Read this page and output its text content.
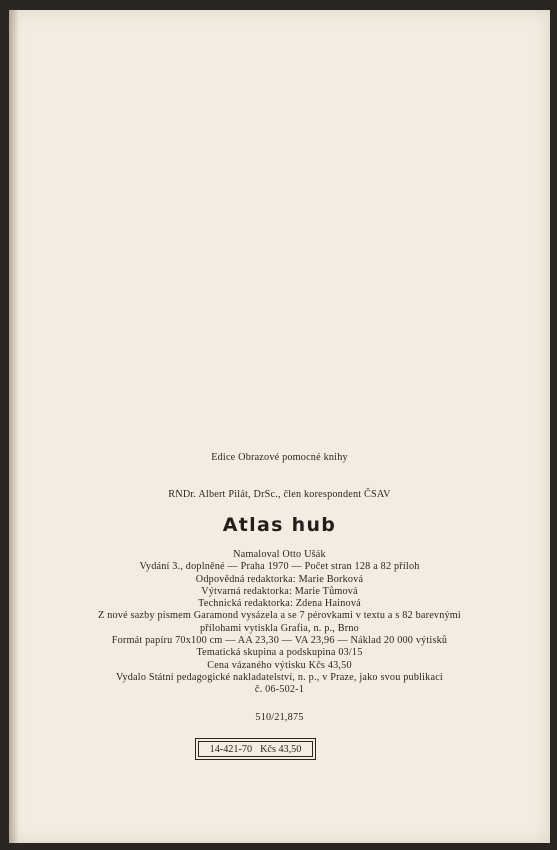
Edice Obrazové pomocné knihy
RNDr. Albert Pilát, DrSc., člen korespondent ČSAV
Atlas hub
Namaloval Otto Ušák
Vydání 3., doplněné — Praha 1970 — Počet stran 128 a 82 příloh
Odpovědná redaktorka: Marie Borková
Výtvarná redaktorka: Marie Tůmová
Technická redaktorka: Zdena Hainová
Z nové sazby písmem Garamond vysázela a se 7 pérovkami v textu a s 82 barevnými
přílohami vytiskla Grafia, n. p., Brno
Formát papíru 70x100 cm — AA 23,30 — VA 23,96 — Náklad 20 000 výtisků
Tematická skupina a podskupina 03/15
Cena vázaného výtisku Kčs 43,50
Vydalo Státní pedagogické nakladatelství, n. p., v Praze, jako svou publikaci
č. 06-502-1
510/21,875
14-421-70 Kčs 43,50
